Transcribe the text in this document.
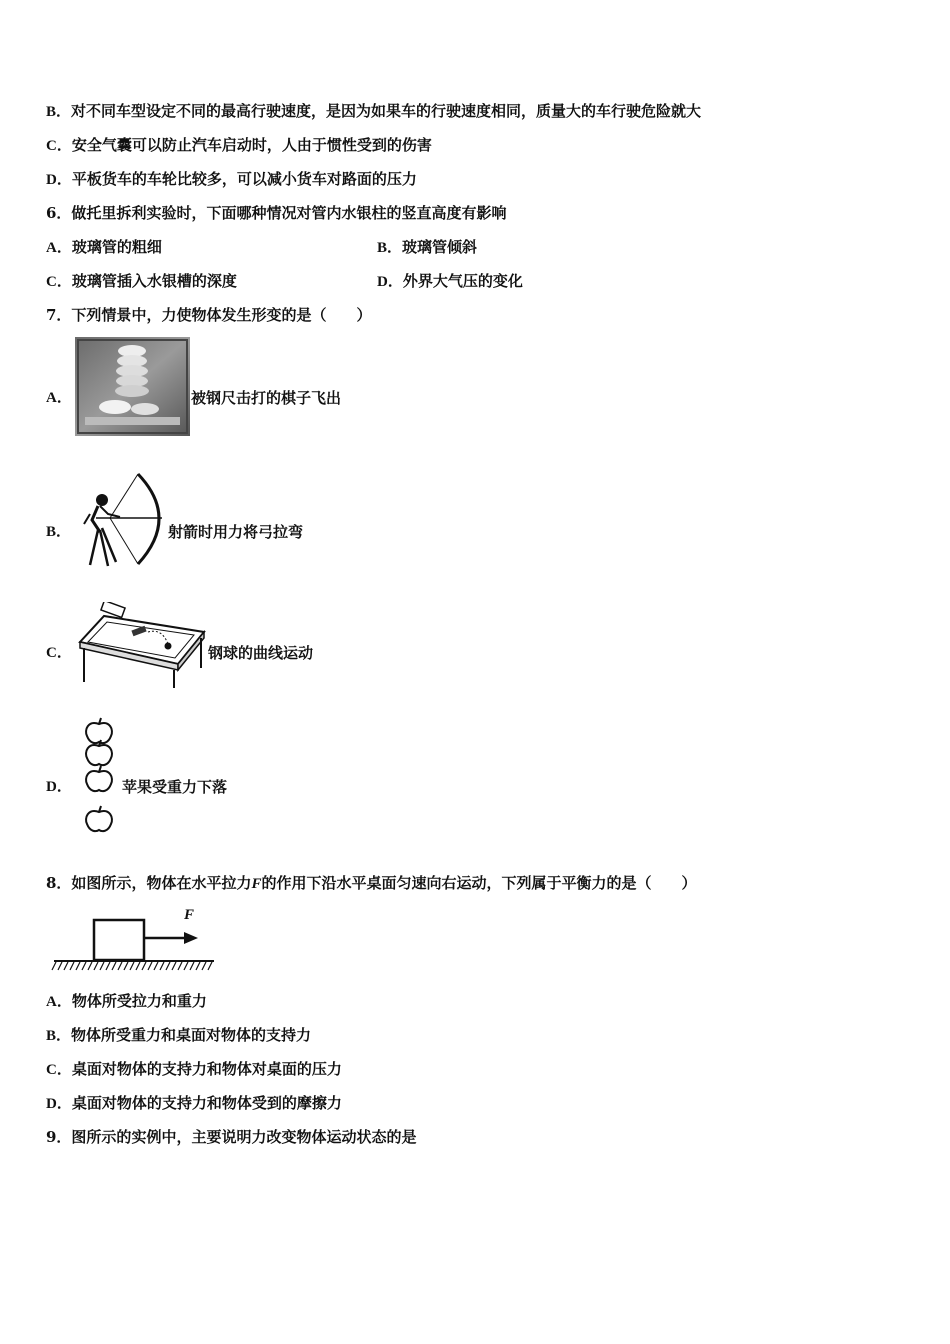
B．对不同车型设定不同的最高行驶速度，是因为如果车的行驶速度相同，质量大的车行驶危险就大
C．安全气囊可以防止汽车启动时，人由于惯性受到的伤害
D．平板货车的车轮比较多，可以减小货车对路面的压力
6．做托里拆利实验时，下面哪种情况对管内水银柱的竖直高度有影响
A．玻璃管的粗细	B．玻璃管倾斜
C．玻璃管插入水银槽的深度	D．外界大气压的变化
7．下列情景中，力使物体发生形变的是（　　）
A．	被钢尺击打的棋子飞出
B．	射箭时用力将弓拉弯
C．	钢球的曲线运动
D．	苹果受重力下落
8．如图所示，物体在水平拉力F的作用下沿水平桌面匀速向右运动，下列属于平衡力的是（　　）
F
A．物体所受拉力和重力
B．物体所受重力和桌面对物体的支持力
C．桌面对物体的支持力和物体对桌面的压力
D．桌面对物体的支持力和物体受到的摩擦力
9．图所示的实例中，主要说明力改变物体运动状态的是
